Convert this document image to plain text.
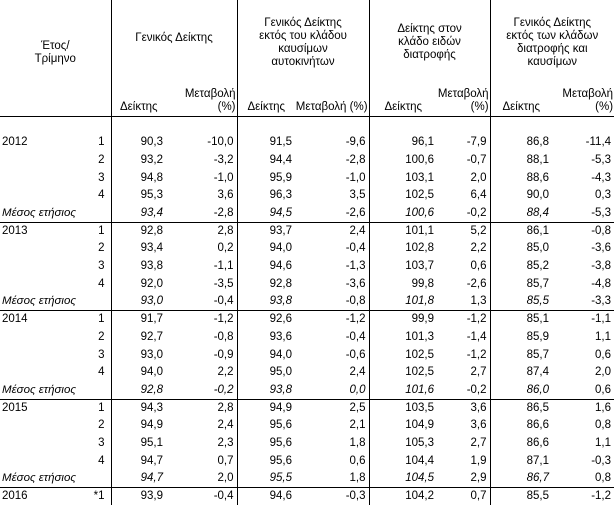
Έτος/
Τρίμηνο		Γενικός Δείκτης		Γενικός Δείκτης εκτός του κλάδου καυσίμων αυτοκινήτων		Δείκτης στον κλάδο ειδών διατροφής		Γενικός Δείκτης εκτός των κλάδων διατροφής και καυσίμων	
		Δείκτης	Μεταβολή (%)	Δείκτης	Μεταβολή (%)	Δείκτης	Μεταβολή (%)	Δείκτης	Μεταβολή (%)

2012	1	90,3	-10,0	91,5	-9,6	96,1	-7,9	86,8	-11,4
	2	93,2	-3,2	94,4	-2,8	100,6	-0,7	88,1	-5,3
	3	94,8	-1,0	95,9	-1,0	103,1	2,0	88,6	-4,3
	4	95,3	3,6	96,3	3,5	102,5	6,4	90,0	0,3
Μέσος ετήσιος		93,4	-2,8	94,5	-2,6	100,6	-0,2	88,4	-5,3
2013	1	92,8	2,8	93,7	2,4	101,1	5,2	86,1	-0,8
	2	93,4	0,2	94,0	-0,4	102,8	2,2	85,0	-3,6
	3	93,8	-1,1	94,6	-1,3	103,7	0,6	85,2	-3,8
	4	92,0	-3,5	92,8	-3,6	99,8	-2,6	85,7	-4,8
Μέσος ετήσιος		93,0	-0,4	93,8	-0,8	101,8	1,3	85,5	-3,3
2014	1	91,7	-1,2	92,6	-1,2	99,9	-1,2	85,1	-1,1
	2	92,7	-0,8	93,6	-0,4	101,3	-1,4	85,9	1,1
	3	93,0	-0,9	94,0	-0,6	102,5	-1,2	85,7	0,6
	4	94,0	2,2	95,0	2,4	102,5	2,7	87,4	2,0
Μέσος ετήσιος		92,8	-0,2	93,8	0,0	101,6	-0,2	86,0	0,6
2015	1	94,3	2,8	94,9	2,5	103,5	3,6	86,5	1,6
	2	94,9	2,4	95,6	2,1	104,9	3,6	86,6	0,8
	3	95,1	2,3	95,6	1,8	105,3	2,7	86,6	1,1
	4	94,7	0,7	95,6	0,6	104,4	1,9	87,1	-0,3
Μέσος ετήσιος		94,7	2,0	95,5	1,8	104,5	2,9	86,7	0,8
2016	*1	93,9	-0,4	94,6	-0,3	104,2	0,7	85,5	-1,2
